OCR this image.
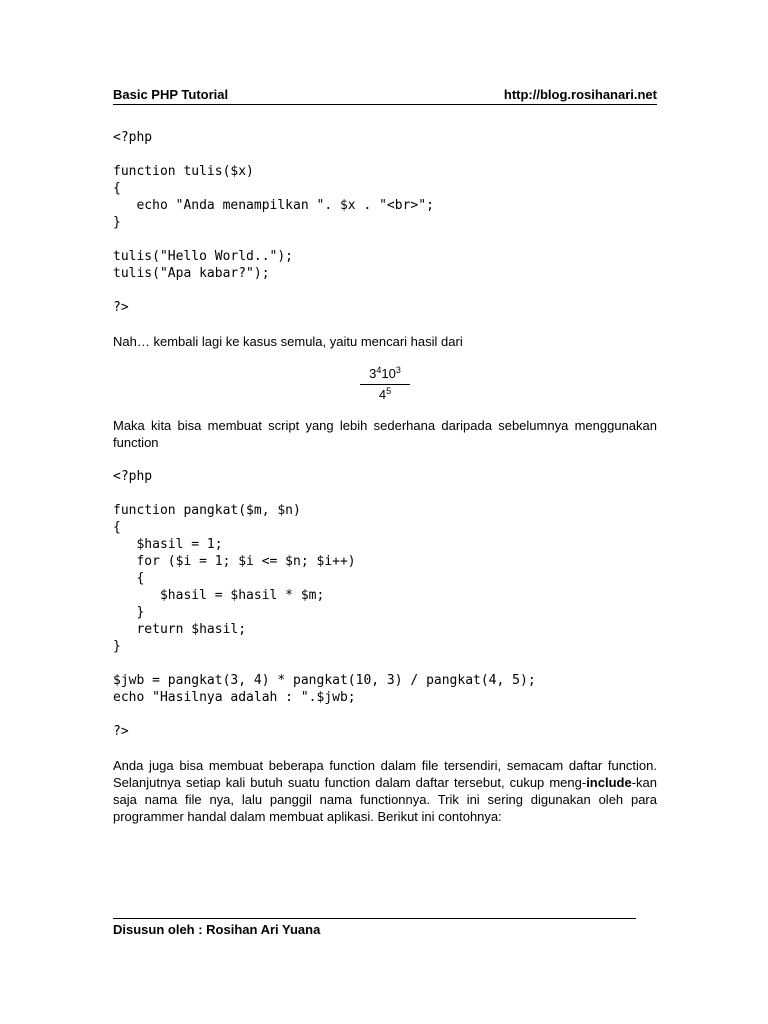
Basic PHP Tutorial	http://blog.rosihanari.net
<?php

function tulis($x)
{
echo "Anda menampilkan ". $x . "<br>";
}

tulis("Hello World..");
tulis("Apa kabar?");

?>

Nah… kembali lagi ke kasus semula, yaitu mencari hasil dari

$3^410^3$
$4^5$

Maka kita bisa membuat script yang lebih sederhana daripada sebelumnya menggunakan function

<?php

function pangkat($m, $n)
{
$hasil = 1;
for ($i = 1; $i <= $n; $i++)
{
$hasil = $hasil * $m;
}
return $hasil;
}

$jwb = pangkat(3, 4) * pangkat(10, 3) / pangkat(4, 5);
echo "Hasilnya adalah : ".$jwb;

?>

Anda juga bisa membuat beberapa function dalam file tersendiri, semacam daftar function. Selanjutnya setiap kali butuh suatu function dalam daftar tersebut, cukup meng-include-kan saja nama file nya, lalu panggil nama functionnya. Trik ini sering digunakan oleh para programmer handal dalam membuat aplikasi. Berikut ini contohnya:

Disusun oleh : Rosihan Ari Yuana
